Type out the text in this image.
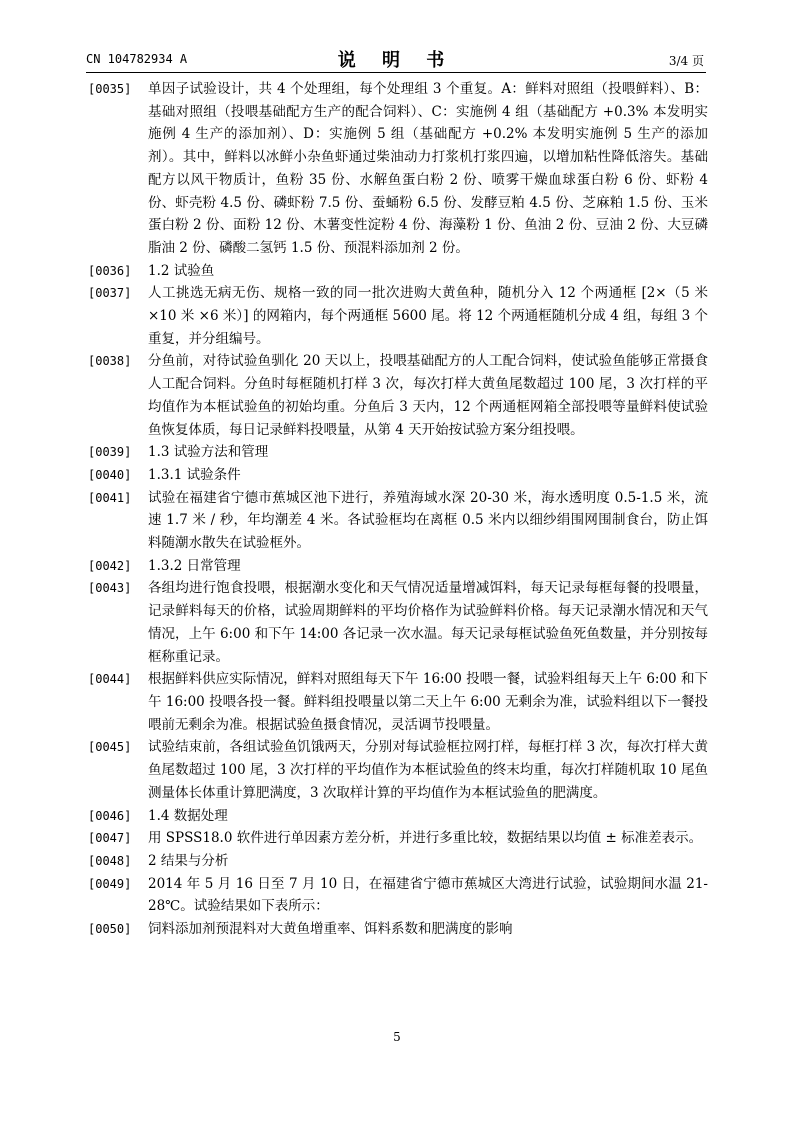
CN 104782934 A	说 明 书	3/4 页
[0035] 单因子试验设计，共 4 个处理组，每个处理组 3 个重复。A：鲜料对照组（投喂鲜料）、B：基础对照组（投喂基础配方生产的配合饲料）、C：实施例 4 组（基础配方 +0.3% 本发明实施例 4 生产的添加剂）、D：实施例 5 组（基础配方 +0.2% 本发明实施例 5 生产的添加剂）。其中，鲜料以冰鲜小杂鱼虾通过柴油动力打浆机打浆四遍，以增加粘性降低溶失。基础配方以风干物质计，鱼粉 35 份、水解鱼蛋白粉 2 份、喷雾干燥血球蛋白粉 6 份、虾粉 4 份、虾壳粉 4.5 份、磷虾粉 7.5 份、蚕蛹粉 6.5 份、发酵豆粕 4.5 份、芝麻粕 1.5 份、玉米蛋白粉 2 份、面粉 12 份、木薯变性淀粉 4 份、海藻粉 1 份、鱼油 2 份、豆油 2 份、大豆磷脂油 2 份、磷酸二氢钙 1.5 份、预混料添加剂 2 份。
[0036] 1.2 试验鱼
[0037] 人工挑选无病无伤、规格一致的同一批次进购大黄鱼种，随机分入 12 个两通框 [2×（5 米 ×10 米 ×6 米）] 的网箱内，每个两通框 5600 尾。将 12 个两通框随机分成 4 组，每组 3 个重复，并分组编号。
[0038] 分鱼前，对待试验鱼驯化 20 天以上，投喂基础配方的人工配合饲料，使试验鱼能够正常摄食人工配合饲料。分鱼时每框随机打样 3 次，每次打样大黄鱼尾数超过 100 尾，3 次打样的平均值作为本框试验鱼的初始均重。分鱼后 3 天内，12 个两通框网箱全部投喂等量鲜料使试验鱼恢复体质，每日记录鲜料投喂量，从第 4 天开始按试验方案分组投喂。
[0039] 1.3 试验方法和管理
[0040] 1.3.1 试验条件
[0041] 试验在福建省宁德市蕉城区池下进行，养殖海域水深 20-30 米，海水透明度 0.5-1.5 米，流速 1.7 米 / 秒，年均潮差 4 米。各试验框均在离框 0.5 米内以细纱绢围网围制食台，防止饵料随潮水散失在试验框外。
[0042] 1.3.2 日常管理
[0043] 各组均进行饱食投喂，根据潮水变化和天气情况适量增减饵料，每天记录每框每餐的投喂量，记录鲜料每天的价格，试验周期鲜料的平均价格作为试验鲜料价格。每天记录潮水情况和天气情况，上午 6:00 和下午 14:00 各记录一次水温。每天记录每框试验鱼死鱼数量，并分别按每框称重记录。
[0044] 根据鲜料供应实际情况，鲜料对照组每天下午 16:00 投喂一餐，试验料组每天上午 6:00 和下午 16:00 投喂各投一餐。鲜料组投喂量以第二天上午 6:00 无剩余为准，试验料组以下一餐投喂前无剩余为准。根据试验鱼摄食情况，灵活调节投喂量。
[0045] 试验结束前，各组试验鱼饥饿两天，分别对每试验框拉网打样，每框打样 3 次，每次打样大黄鱼尾数超过 100 尾，3 次打样的平均值作为本框试验鱼的终末均重，每次打样随机取 10 尾鱼测量体长体重计算肥满度，3 次取样计算的平均值作为本框试验鱼的肥满度。
[0046] 1.4 数据处理
[0047] 用 SPSS18.0 软件进行单因素方差分析，并进行多重比较，数据结果以均值 ± 标准差表示。
[0048] 2 结果与分析
[0049] 2014 年 5 月 16 日至 7 月 10 日，在福建省宁德市蕉城区大湾进行试验，试验期间水温 21-28℃。试验结果如下表所示：
[0050] 饲料添加剂预混料对大黄鱼增重率、饵料系数和肥满度的影响
5
